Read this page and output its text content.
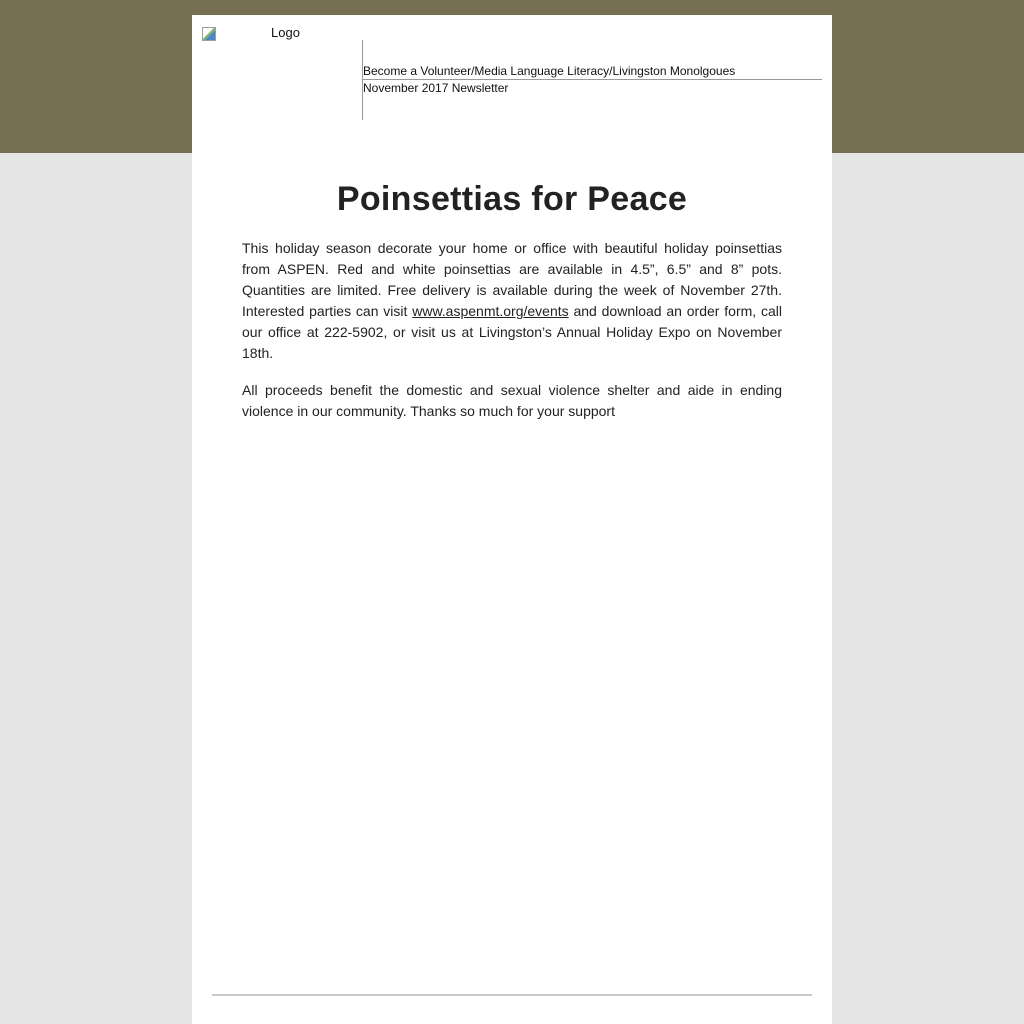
Logo
Become a Volunteer/Media Language Literacy/Livingston Monolgoues
November 2017 Newsletter
Poinsettias for Peace

This holiday season decorate your home or office with beautiful holiday poinsettias from ASPEN. Red and white poinsettias are available in 4.5”, 6.5” and 8” pots. Quantities are limited. Free delivery is available during the week of November 27th. Interested parties can visit www.aspenmt.org/events and download an order form, call our office at 222-5902, or visit us at Livingston’s Annual Holiday Expo on November 18th.

All proceeds benefit the domestic and sexual violence shelter and aide in ending violence in our community. Thanks so much for your support
